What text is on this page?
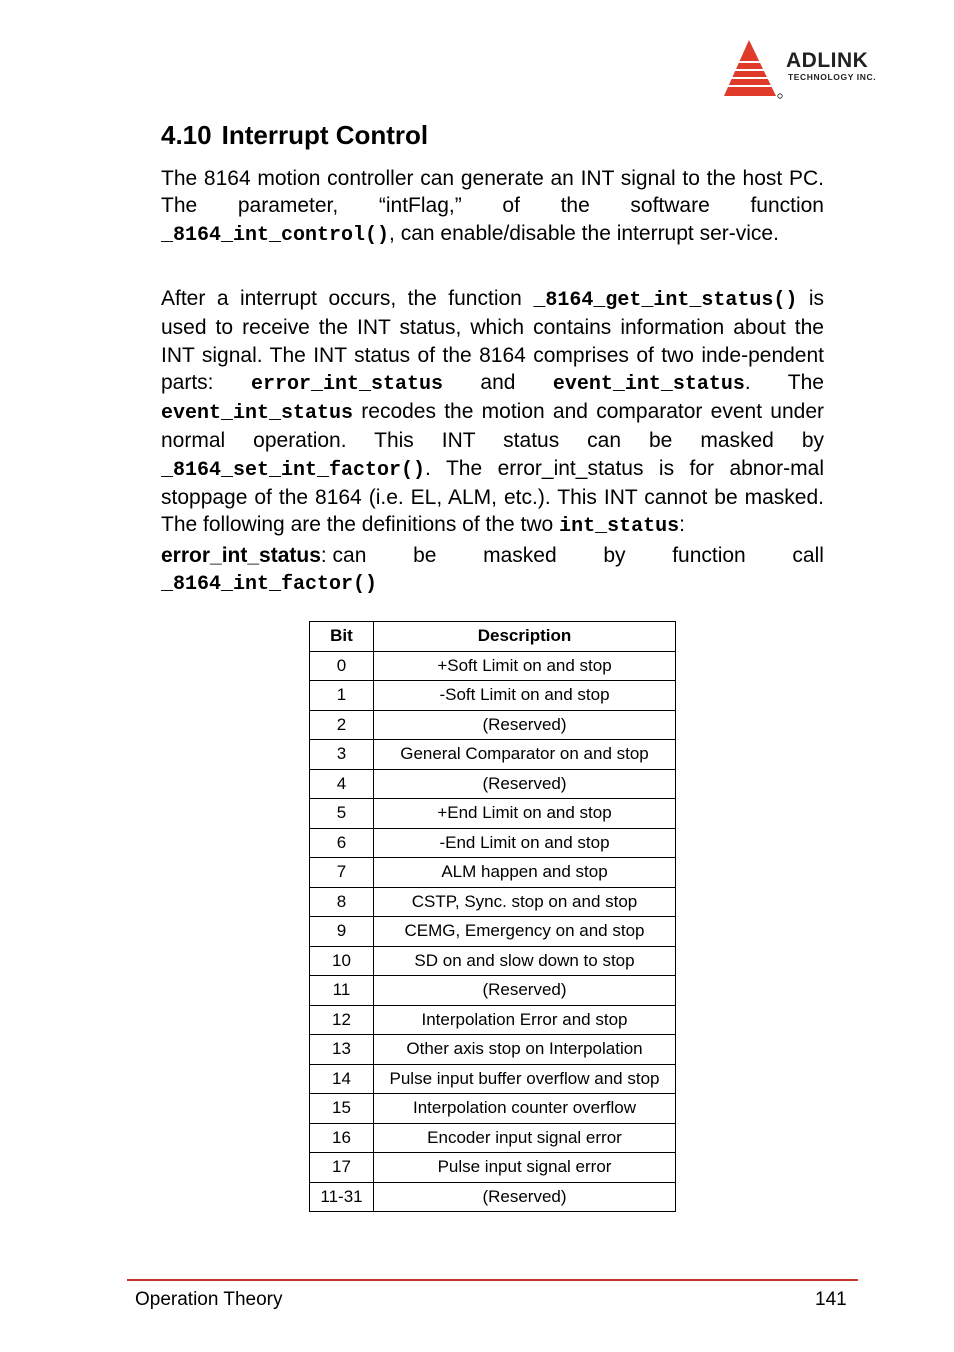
ADLINK
TECHNOLOGY INC.
4.10 Interrupt Control

The 8164 motion controller can generate an INT signal to the host PC. The parameter, “intFlag,” of the software function _8164_int_control(), can enable/disable the interrupt ser-vice.

After a interrupt occurs, the function _8164_get_int_status() is used to receive the INT status, which contains information about the INT signal. The INT status of the 8164 comprises of two inde-pendent parts: error_int_status and event_int_status. The event_int_status recodes the motion and comparator event under normal operation. This INT status can be masked by _8164_set_int_factor(). The error_int_status is for abnor-mal stoppage of the 8164 (i.e. EL, ALM, etc.). This INT cannot be masked. The following are the definitions of the two int_status:

error_int_status: can be masked by function call
_8164_int_factor()
Bit	Description
0	+Soft Limit on and stop
1	-Soft Limit on and stop
2	(Reserved)
3	General Comparator on and stop
4	(Reserved)
5	+End Limit on and stop
6	-End Limit on and stop
7	ALM happen and stop
8	CSTP, Sync. stop on and stop
9	CEMG, Emergency on and stop
10	SD on and slow down to stop
11	(Reserved)
12	Interpolation Error and stop
13	Other axis stop on Interpolation
14	Pulse input buffer overflow and stop
15	Interpolation counter overflow
16	Encoder input signal error
17	Pulse input signal error
11-31	(Reserved)
Operation Theory	141
